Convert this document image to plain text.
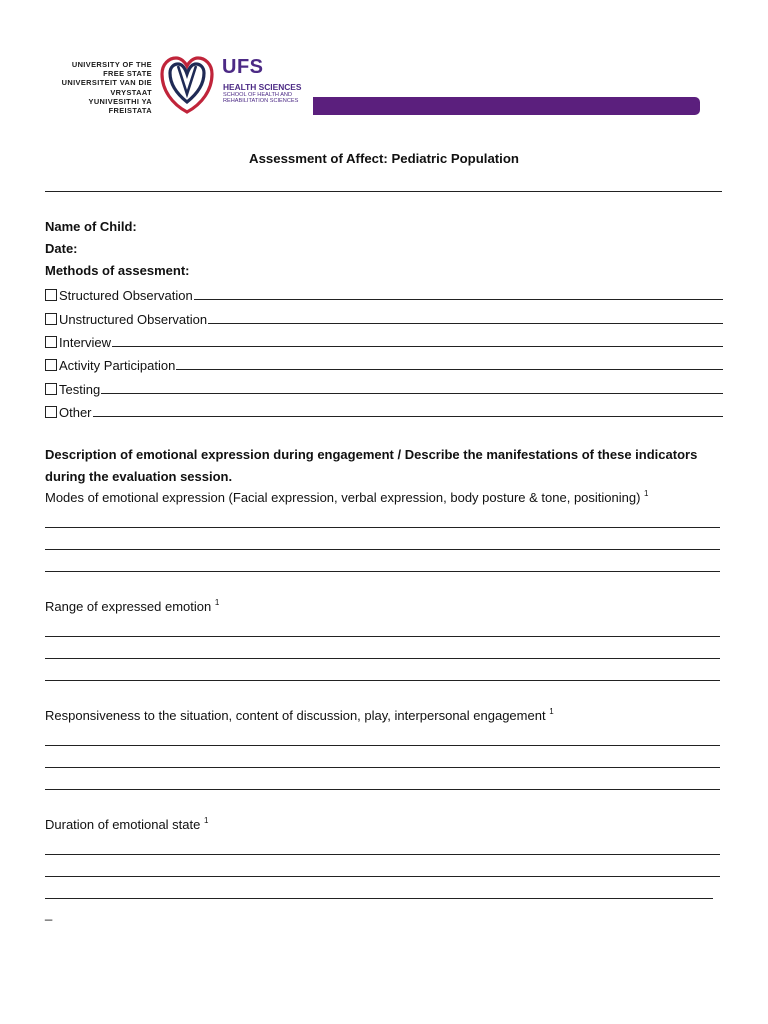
UNIVERSITY OF THE
FREE STATE
UNIVERSITEIT VAN DIE
VRYSTAAT
YUNIVESITHI YA
FREISTATA
UFS
HEALTH SCIENCES
SCHOOL OF HEALTH AND
REHABILITATION SCIENCES
Assessment of Affect: Pediatric Population
Name of Child:
Date:
Methods of assesment:
Structured Observation
Unstructured Observation
Interview
Activity Participation
Testing
Other
Description of emotional expression during engagement / Describe the manifestations of these indicators during the evaluation session.
Modes of emotional expression (Facial expression, verbal expression, body posture & tone, positioning) $^1$
Range of expressed emotion $^1$
Responsiveness to the situation, content of discussion, play, interpersonal engagement $^1$
Duration of emotional state $^1$
_
